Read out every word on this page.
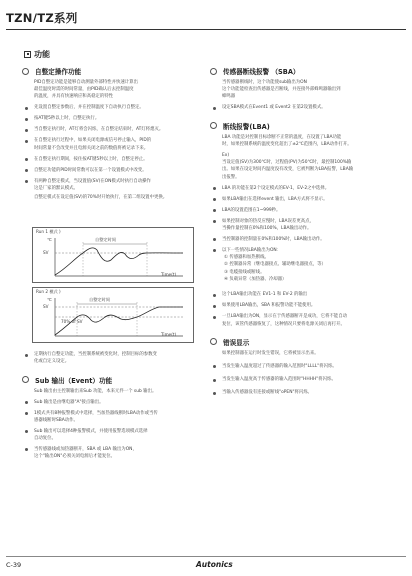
TZN/TZ系列
功能
自整定操作功能
PID自整定功能是能够自动测量外部特性并快速计算出
最佳温度时需的时间常量，由PID确认后去控制温度
的温度，并具有快速响应和高稳定的特性
先设置自整定参数后，并在控制温度下自动执行自整定。
按AT键5秒以上时，自整定执行。
当自整定执行时，AT灯将会闪烁，在自整定结束时，AT灯将熄灭。
在自整定执行过程中，如果关闭电源或信号停止输入，PID的
时间常量不会改变并且电源关闭之前的数值将被记录下来。
在自整定执行期间，按住按AT键5秒以上时，自整定停止。
自整定功能的PID时间常数可以在第一个设置模式中改变。
有两种自整定模式，当设置值(SV)在ON模式时执行自动操作
这是厂家的默认模式。
自整定模式在设定值(SV)的70%时开始执行，在第二组设置中更换。
Run 1 模式 )
℃
SV
自整定时间
Time(t)
Run 2 模式 )
℃
SV
自整定时间
70% of SV
Time(t)
定期执行自整定功能，当控制系统被变化时，控制目标的参数变
化或自定义设定。
Sub 输出（Event）功能
Sub 输出由主控制输出来Sub 功能，本来元件一个 sub 输出。
Sub 输出是由继电器"A"接点输出。
1模式共有8种报警模式中选择，当加热器线断时LBA动作或当传
感器线断时SBA动作。
Sub 输出可以选择4种报警模式，并使用报警选项模式选择
自动复位。
当传感器线或加热器断开，SBA 或 LBA 输出为ON，
这个"输出ON"必须关闭电源后才能复位。
传感器断线报警 （SBA）
当传感器断线时，这个功能使sub输出为ON
这个功能能检查出传感器是否断线，并连接外部蜂鸣器输出到
蜂鸣器
设定SBA模式在Event1 或 Event2 在第2设置模式。
断线报警(LBA)
LBA 功能是对控制目标诊断不正常的温度，在设置了LBA功能
时，如果控制系统的温度变化超出了±2℃范围内，LBA动作打开。
Ex)
当设定值(SV)为300℃时，过程值(PV)为50℃时，最控制100%输
出。如果在设定时间内温度没有改变，它被判断为LBA报警，LBA输
出报警。
LBA 的功能在第2个设定模式的EV-1，EV-2之中选择。
如果LBA输出在选择event 输出，LBA方式将不显示。
LBA的设置范围在1~999秒。
如果控制对象的热反应慢时，LBA误差更高点，
当操作量控制在0%和100%，LBA输出动作。
当控制器的控制量在0%和100%时，LBA输出动作。
以下一些情况LBA输出为ON：
① 传感器和加热断线。
② 控制器异常（继电器接点、辅助继电器接点，等）
③ 电缆接线或断线。
④ 负载异常（加热器、冷却器）
这个LBA输出功能在 EV1-1 和 EV-2 的输出
如果使用LBA输出，SBA 和报警功能不能使用。
一旦LBA输出为ON，显示在于传感器断开是成功，它将不能自动
复位，该管传感器恢复了，这种情况只要将电源关闭后再打开。
错误显示
如果控制器在运行时发生错误，它将被显示出来。
当发生输入温度超过了传感器的输入范围时"LLLL"将闪烁。
当发生输入温度高于传感器的输入范围时"HHHH"将闪烁。
当输入传感器没有连接或断线"oPEN"将闪烁。
C-39	Autonics
